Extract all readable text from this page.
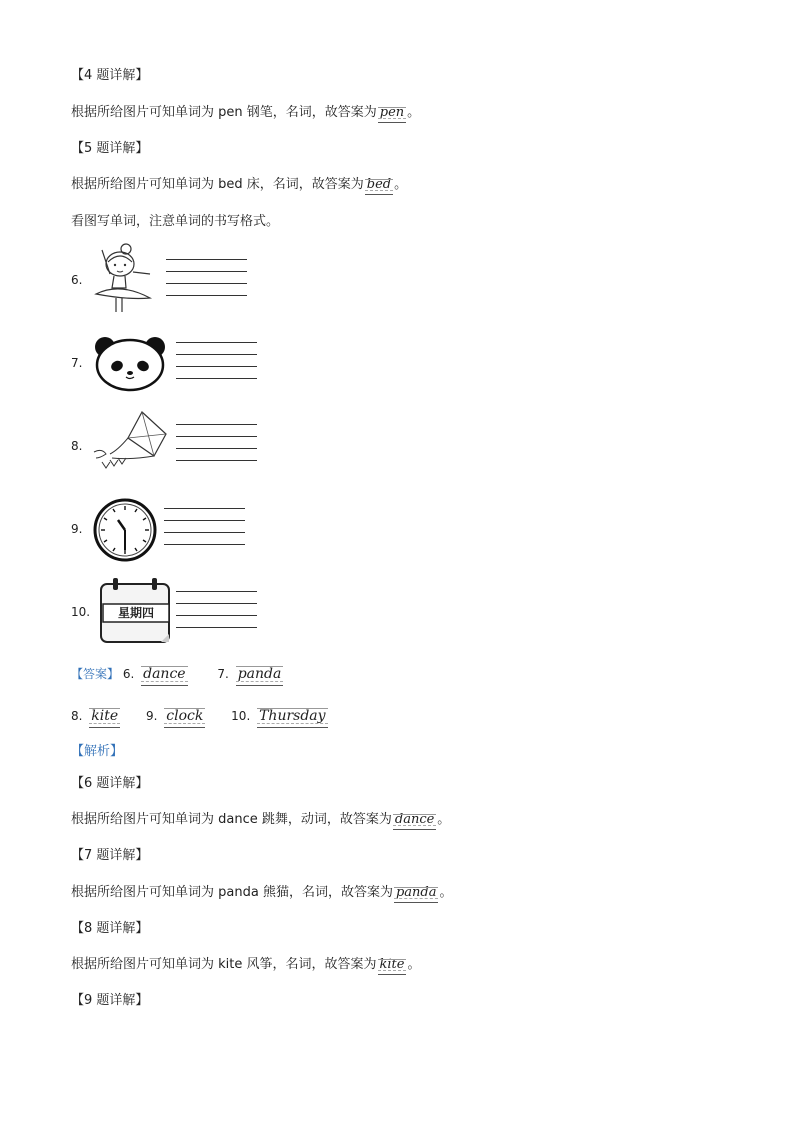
【4 题详解】
根据所给图片可知单词为 pen 钢笔，名词，故答案为 pen 。
【5 题详解】
根据所给图片可知单词为 bed 床，名词，故答案为 bed 。
看图写单词，注意单词的书写格式。
6.
7.
8.
9.
10.	星期四
【答案】 6. dance	7. panda
8. kite 9. clock 10. Thursday
【解析】
【6 题详解】
根据所给图片可知单词为 dance 跳舞，动词，故答案为 dance 。
【7 题详解】
根据所给图片可知单词为 panda 熊猫，名词，故答案为 panda 。
【8 题详解】
根据所给图片可知单词为 kite 风筝，名词，故答案为 kite 。
【9 题详解】
